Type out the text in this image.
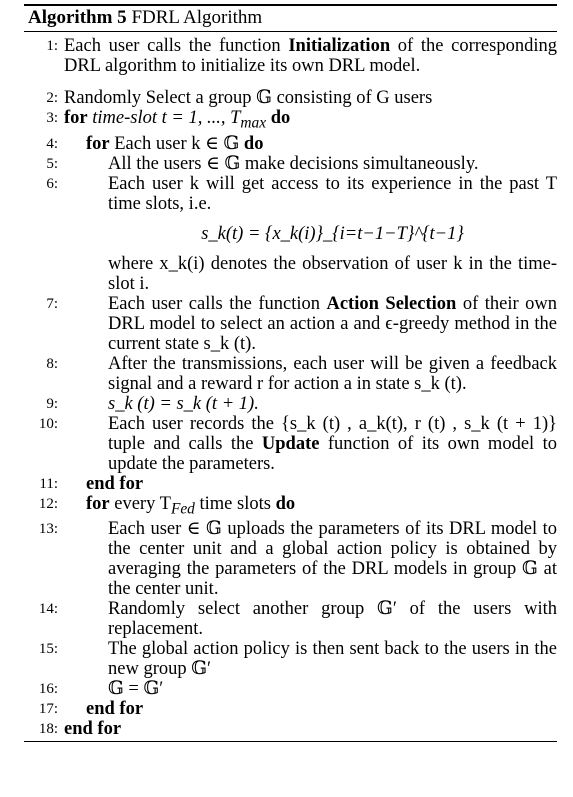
Algorithm 5 FDRL Algorithm
1: Each user calls the function Initialization of the corresponding DRL algorithm to initialize its own DRL model.
2: Randomly Select a group 𝔾 consisting of G users
3: for time-slot t = 1, ..., $T_{max}$ do
4:	for Each user k ∈ 𝔾 do
5:	All the users ∈ 𝔾 make decisions simultaneously.
6:	Each user k will get access to its experience in the past T time slots, i.e.
s_k(t) = {x_k(i)}_{i=t−1−T}^{t−1}
where x_k(i) denotes the observation of user k in the time-slot i.
7:	Each user calls the function Action Selection of their own DRL model to select an action a and ϵ-greedy method in the current state s_k (t).
8:	After the transmissions, each user will be given a feedback signal and a reward r for action a in state s_k (t).
9:	s_k (t) = s_k (t + 1).
10:	Each user records the {s_k (t) , a_k(t), r (t) , s_k (t + 1)} tuple and calls the Update function of its own model to update the parameters.
11:	end for
12:	for every $T_{Fed}$ time slots do
13:	Each user ∈ 𝔾 uploads the parameters of its DRL model to the center unit and a global action policy is obtained by averaging the parameters of the DRL models in group 𝔾 at the center unit.
14:	Randomly select another group 𝔾′ of the users with replacement.
15:	The global action policy is then sent back to the users in the new group 𝔾′
16:	𝔾 = 𝔾′
17:	end for
18: end for
